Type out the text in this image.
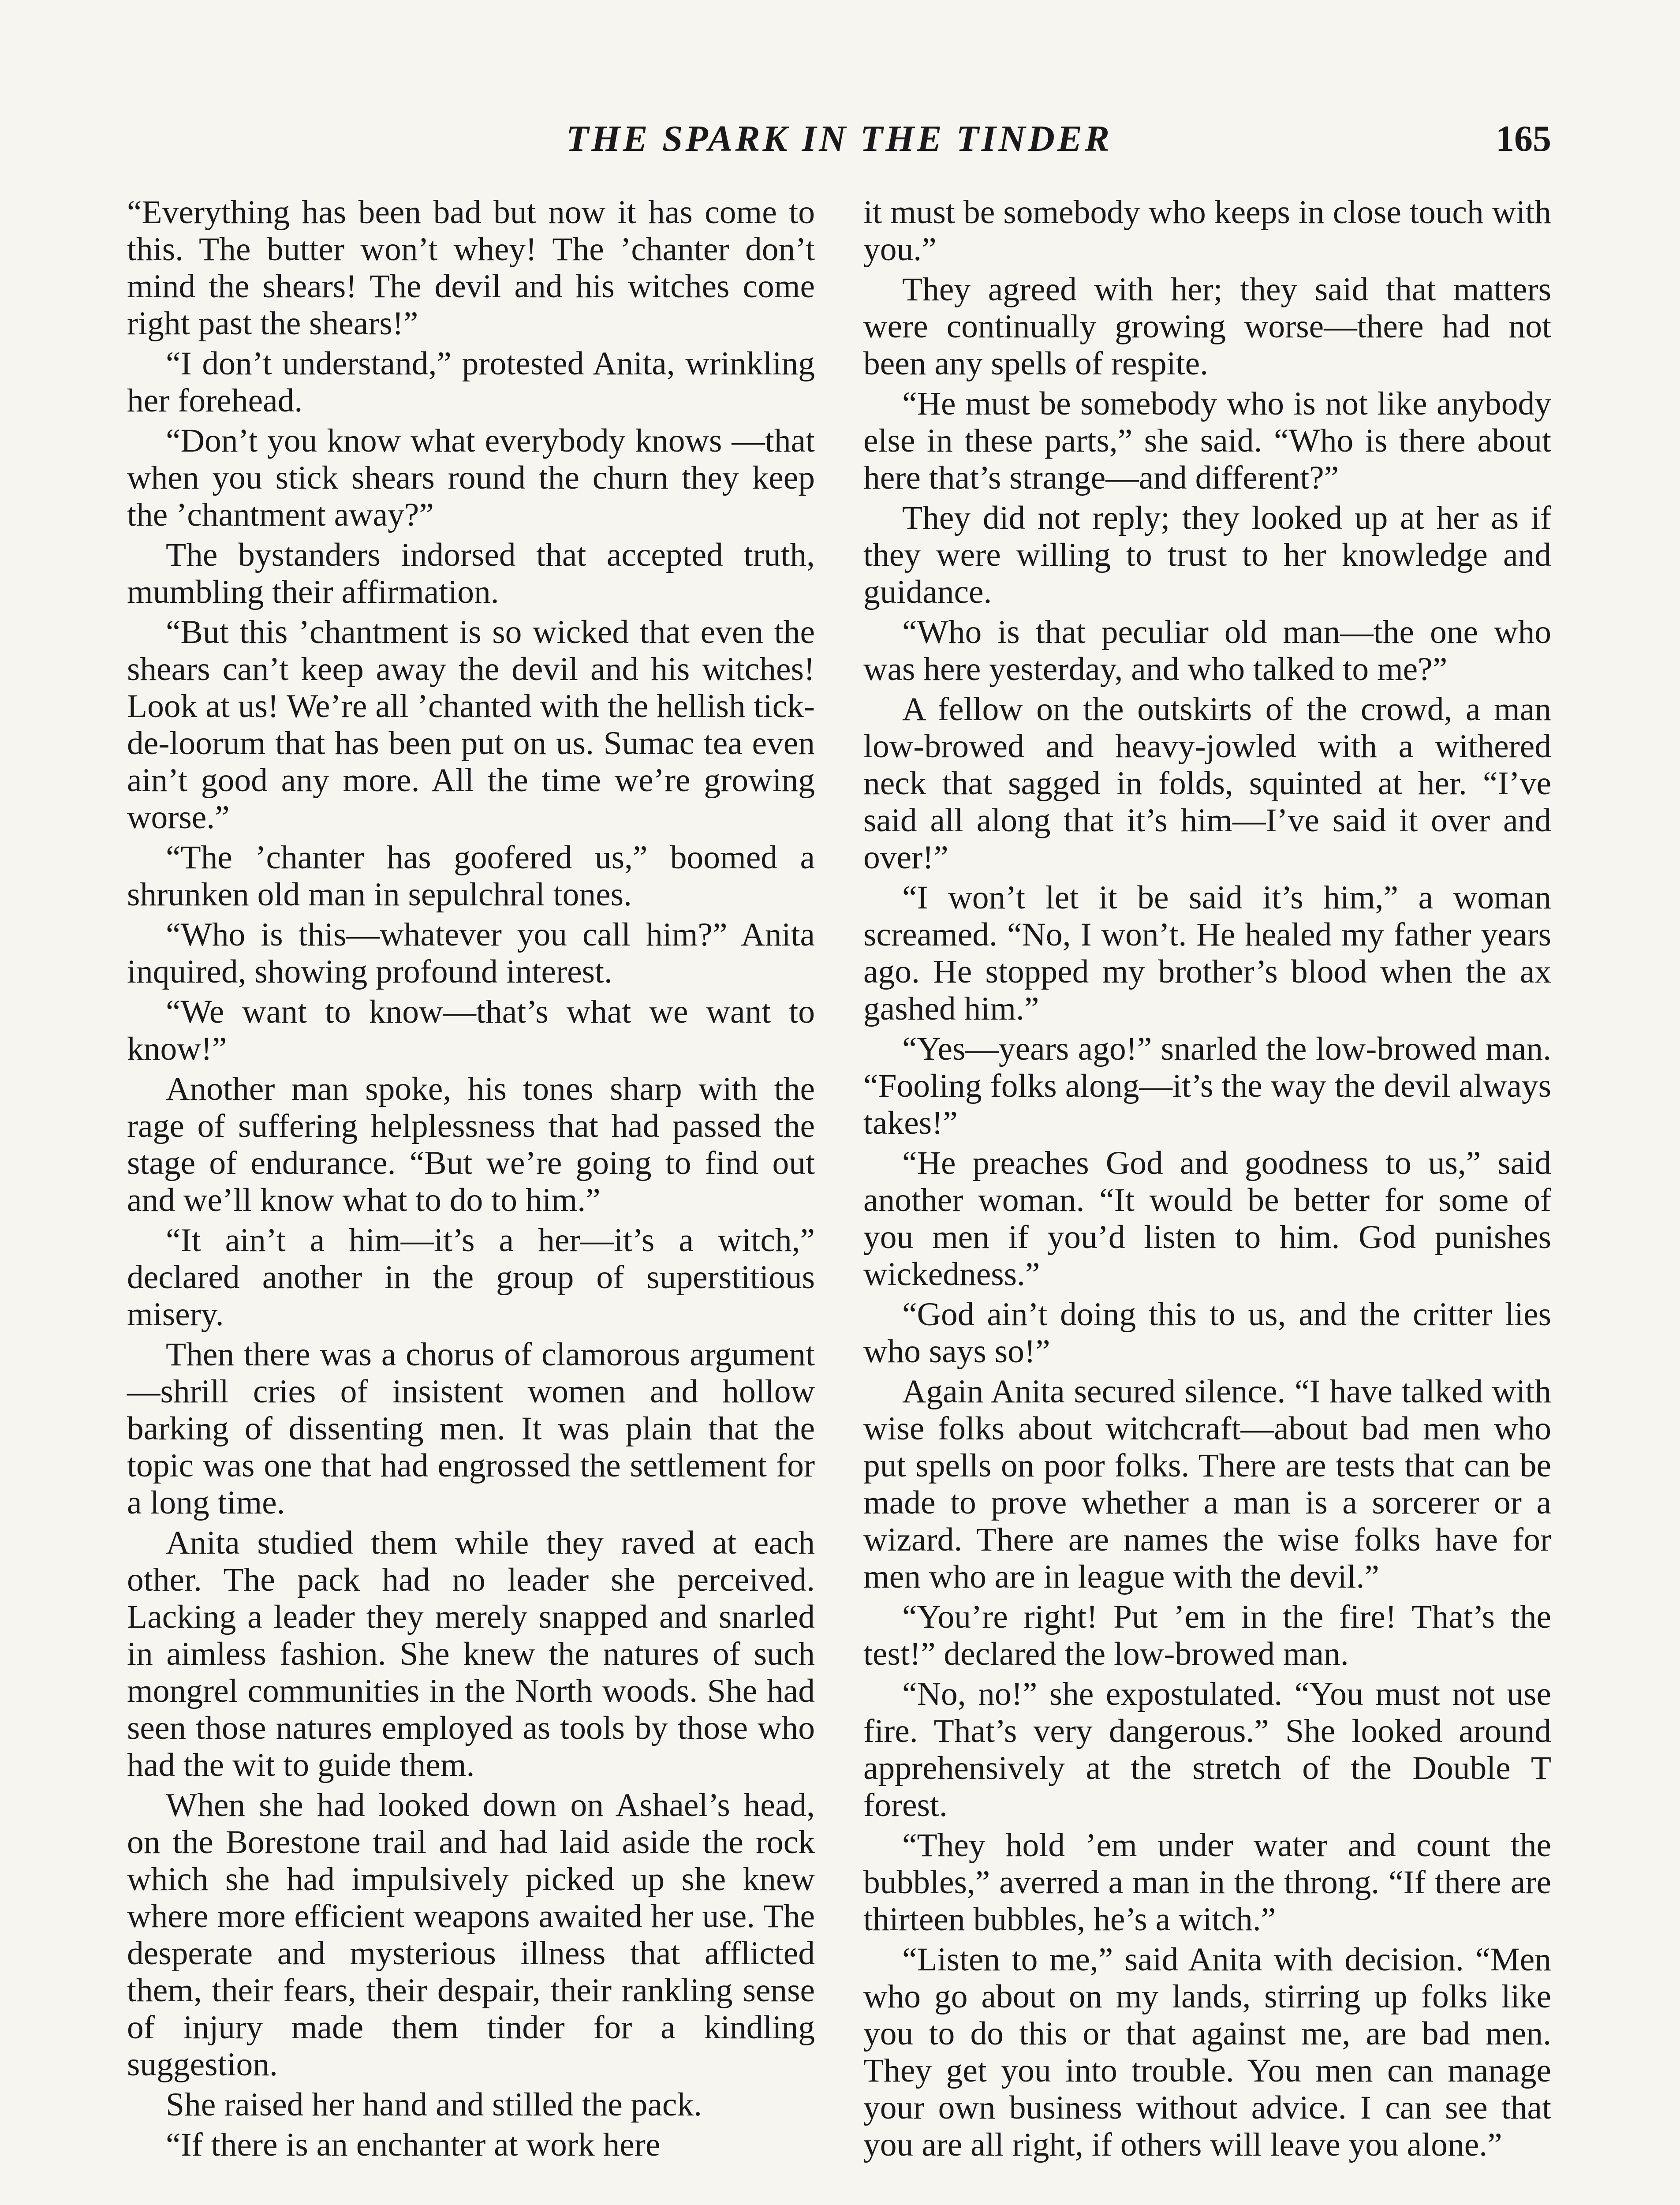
THE SPARK IN THE TINDER	165

“Everything has been bad but now it has come to this. The butter won’t whey! The ’chanter don’t mind the shears! The devil and his witches come right past the shears!”

“I don’t understand,” protested Anita, wrinkling her forehead.

“Don’t you know what everybody knows —that when you stick shears round the churn they keep the ’chantment away?”

The bystanders indorsed that accepted truth, mumbling their affirmation.

“But this ’chantment is so wicked that even the shears can’t keep away the devil and his witches! Look at us! We’re all ’chanted with the hellish tick-de-loorum that has been put on us. Sumac tea even ain’t good any more. All the time we’re growing worse.”

“The ’chanter has goofered us,” boomed a shrunken old man in sepulchral tones.

“Who is this—whatever you call him?” Anita inquired, showing profound interest.

“We want to know—that’s what we want to know!”

Another man spoke, his tones sharp with the rage of suffering helplessness that had passed the stage of endurance. “But we’re going to find out and we’ll know what to do to him.”

“It ain’t a him—it’s a her—it’s a witch,” declared another in the group of superstitious misery.

Then there was a chorus of clamorous argument—shrill cries of insistent women and hollow barking of dissenting men. It was plain that the topic was one that had engrossed the settlement for a long time.

Anita studied them while they raved at each other. The pack had no leader she perceived. Lacking a leader they merely snapped and snarled in aimless fashion. She knew the natures of such mongrel communities in the North woods. She had seen those natures employed as tools by those who had the wit to guide them.

When she had looked down on Ashael’s head, on the Borestone trail and had laid aside the rock which she had impulsively picked up she knew where more efficient weapons awaited her use. The desperate and mysterious illness that afflicted them, their fears, their despair, their rankling sense of injury made them tinder for a kindling suggestion.

She raised her hand and stilled the pack.

“If there is an enchanter at work here

it must be somebody who keeps in close touch with you.”

They agreed with her; they said that matters were continually growing worse—there had not been any spells of respite.

“He must be somebody who is not like anybody else in these parts,” she said. “Who is there about here that’s strange—and different?”

They did not reply; they looked up at her as if they were willing to trust to her knowledge and guidance.

“Who is that peculiar old man—the one who was here yesterday, and who talked to me?”

A fellow on the outskirts of the crowd, a man low-browed and heavy-jowled with a withered neck that sagged in folds, squinted at her. “I’ve said all along that it’s him—I’ve said it over and over!”

“I won’t let it be said it’s him,” a woman screamed. “No, I won’t. He healed my father years ago. He stopped my brother’s blood when the ax gashed him.”

“Yes—years ago!” snarled the low-browed man. “Fooling folks along—it’s the way the devil always takes!”

“He preaches God and goodness to us,” said another woman. “It would be better for some of you men if you’d listen to him. God punishes wickedness.”

“God ain’t doing this to us, and the critter lies who says so!”

Again Anita secured silence. “I have talked with wise folks about witchcraft—about bad men who put spells on poor folks. There are tests that can be made to prove whether a man is a sorcerer or a wizard. There are names the wise folks have for men who are in league with the devil.”

“You’re right! Put ’em in the fire! That’s the test!” declared the low-browed man.

“No, no!” she expostulated. “You must not use fire. That’s very dangerous.” She looked around apprehensively at the stretch of the Double T forest.

“They hold ’em under water and count the bubbles,” averred a man in the throng. “If there are thirteen bubbles, he’s a witch.”

“Listen to me,” said Anita with decision. “Men who go about on my lands, stirring up folks like you to do this or that against me, are bad men. They get you into trouble. You men can manage your own business without advice. I can see that you are all right, if others will leave you alone.”
